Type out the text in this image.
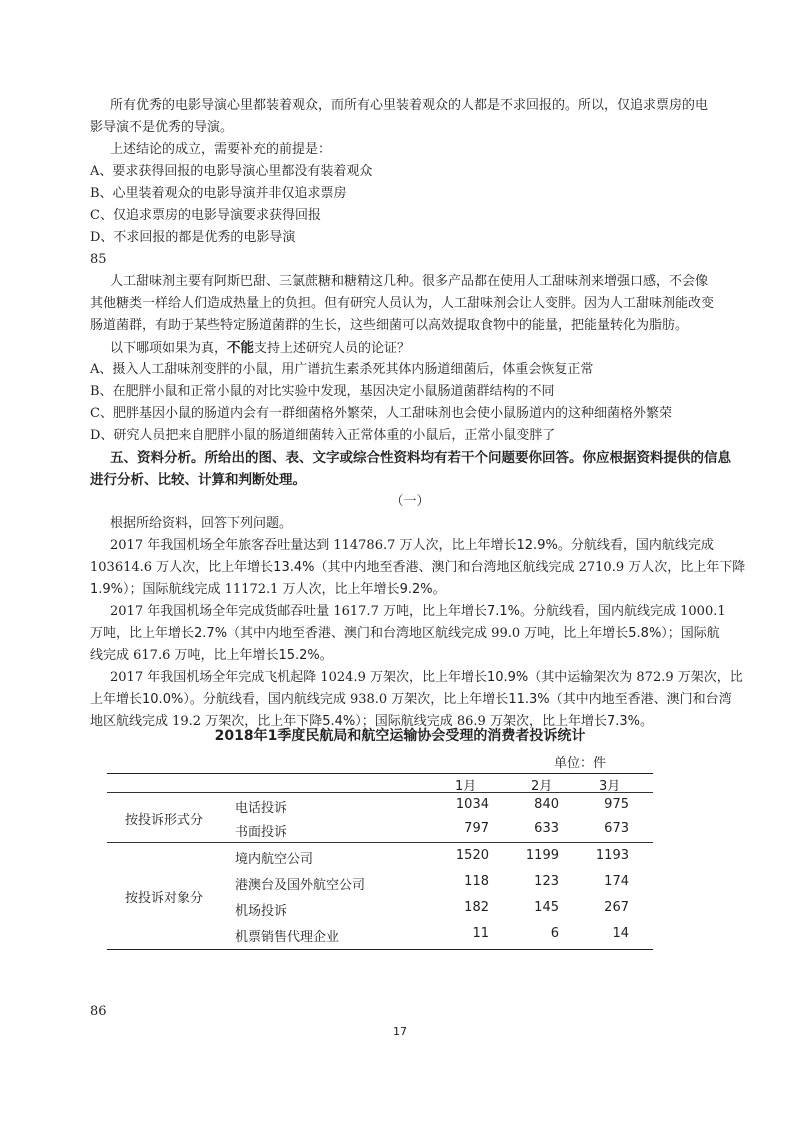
所有优秀的电影导演心里都装着观众，而所有心里装着观众的人都是不求回报的。所以，仅追求票房的电

影导演不是优秀的导演。

上述结论的成立，需要补充的前提是：

A、要求获得回报的电影导演心里都没有装着观众

B、心里装着观众的电影导演并非仅追求票房

C、仅追求票房的电影导演要求获得回报

D、不求回报的都是优秀的电影导演

85

人工甜味剂主要有阿斯巴甜、三氯蔗糖和糖精这几种。很多产品都在使用人工甜味剂来增强口感，不会像

其他糖类一样给人们造成热量上的负担。但有研究人员认为，人工甜味剂会让人变胖。因为人工甜味剂能改变

肠道菌群，有助于某些特定肠道菌群的生长，这些细菌可以高效提取食物中的能量，把能量转化为脂肪。

以下哪项如果为真，不能支持上述研究人员的论证？

A、摄入人工甜味剂变胖的小鼠，用广谱抗生素杀死其体内肠道细菌后，体重会恢复正常

B、在肥胖小鼠和正常小鼠的对比实验中发现，基因决定小鼠肠道菌群结构的不同

C、肥胖基因小鼠的肠道内会有一群细菌格外繁荣，人工甜味剂也会使小鼠肠道内的这种细菌格外繁荣

D、研究人员把来自肥胖小鼠的肠道细菌转入正常体重的小鼠后，正常小鼠变胖了

五、资料分析。所给出的图、表、文字或综合性资料均有若干个问题要你回答。你应根据资料提供的信息

进行分析、比较、计算和判断处理。

（一）

根据所给资料，回答下列问题。

2017 年我国机场全年旅客吞吐量达到 114786.7 万人次，比上年增长12.9%。分航线看，国内航线完成

103614.6 万人次，比上年增长13.4%（其中内地至香港、澳门和台湾地区航线完成 2710.9 万人次，比上年下降

1.9%）；国际航线完成 11172.1 万人次，比上年增长9.2%。

2017 年我国机场全年完成货邮吞吐量 1617.7 万吨，比上年增长7.1%。分航线看，国内航线完成 1000.1

万吨，比上年增长2.7%（其中内地至香港、澳门和台湾地区航线完成 99.0 万吨，比上年增长5.8%）；国际航

线完成 617.6 万吨，比上年增长15.2%。

2017 年我国机场全年完成飞机起降 1024.9 万架次，比上年增长10.9%（其中运输架次为 872.9 万架次，比

上年增长10.0%）。分航线看，国内航线完成 938.0 万架次，比上年增长11.3%（其中内地至香港、澳门和台湾

地区航线完成 19.2 万架次，比上年下降5.4%）；国际航线完成 86.9 万架次，比上年增长7.3%。

2018年1季度民航局和航空运输协会受理的消费者投诉统计
单位：件
1月	2月	3月
按投诉形式分
电话投诉	1034	840	975
书面投诉	797	633	673
按投诉对象分
境内航空公司	1520	1199	1193
港澳台及国外航空公司	118	123	174
机场投诉	182	145	267
机票销售代理企业	11	6	14

86

17
